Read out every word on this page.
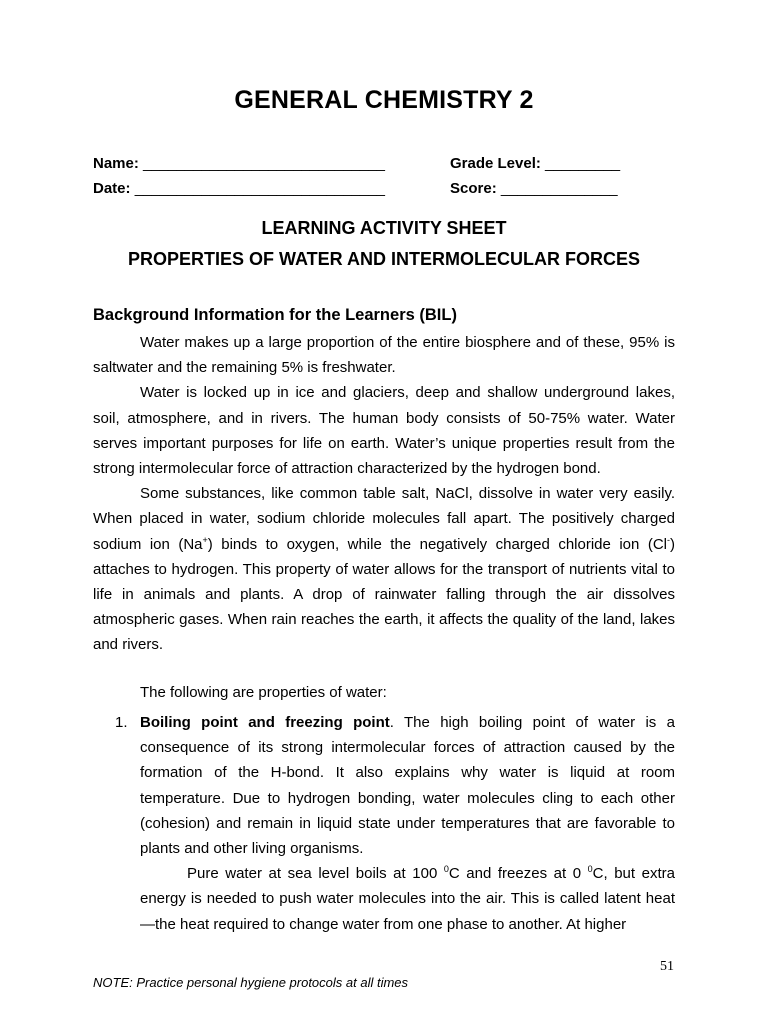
GENERAL CHEMISTRY 2
Name: _____________________________	Grade Level: _________
Date: ______________________________	Score: ______________
LEARNING ACTIVITY SHEET
PROPERTIES OF WATER AND INTERMOLECULAR FORCES
Background Information for the Learners (BIL)

Water makes up a large proportion of the entire biosphere and of these, 95% is saltwater and the remaining 5% is freshwater.

Water is locked up in ice and glaciers, deep and shallow underground lakes, soil, atmosphere, and in rivers. The human body consists of 50-75% water. Water serves important purposes for life on earth. Water’s unique properties result from the strong intermolecular force of attraction characterized by the hydrogen bond.

Some substances, like common table salt, NaCl, dissolve in water very easily. When placed in water, sodium chloride molecules fall apart. The positively charged sodium ion (Na+) binds to oxygen, while the negatively charged chloride ion (Cl-) attaches to hydrogen. This property of water allows for the transport of nutrients vital to life in animals and plants. A drop of rainwater falling through the air dissolves atmospheric gases. When rain reaches the earth, it affects the quality of the land, lakes and rivers.

The following are properties of water:
1. Boiling point and freezing point. The high boiling point of water is a consequence of its strong intermolecular forces of attraction caused by the formation of the H-bond. It also explains why water is liquid at room temperature. Due to hydrogen bonding, water molecules cling to each other (cohesion) and remain in liquid state under temperatures that are favorable to plants and other living organisms.

Pure water at sea level boils at 100 $^0$C and freezes at 0 $^0$C, but extra energy is needed to push water molecules into the air. This is called latent heat—the heat required to change water from one phase to another. At higher

51
NOTE: Practice personal hygiene protocols at all times
